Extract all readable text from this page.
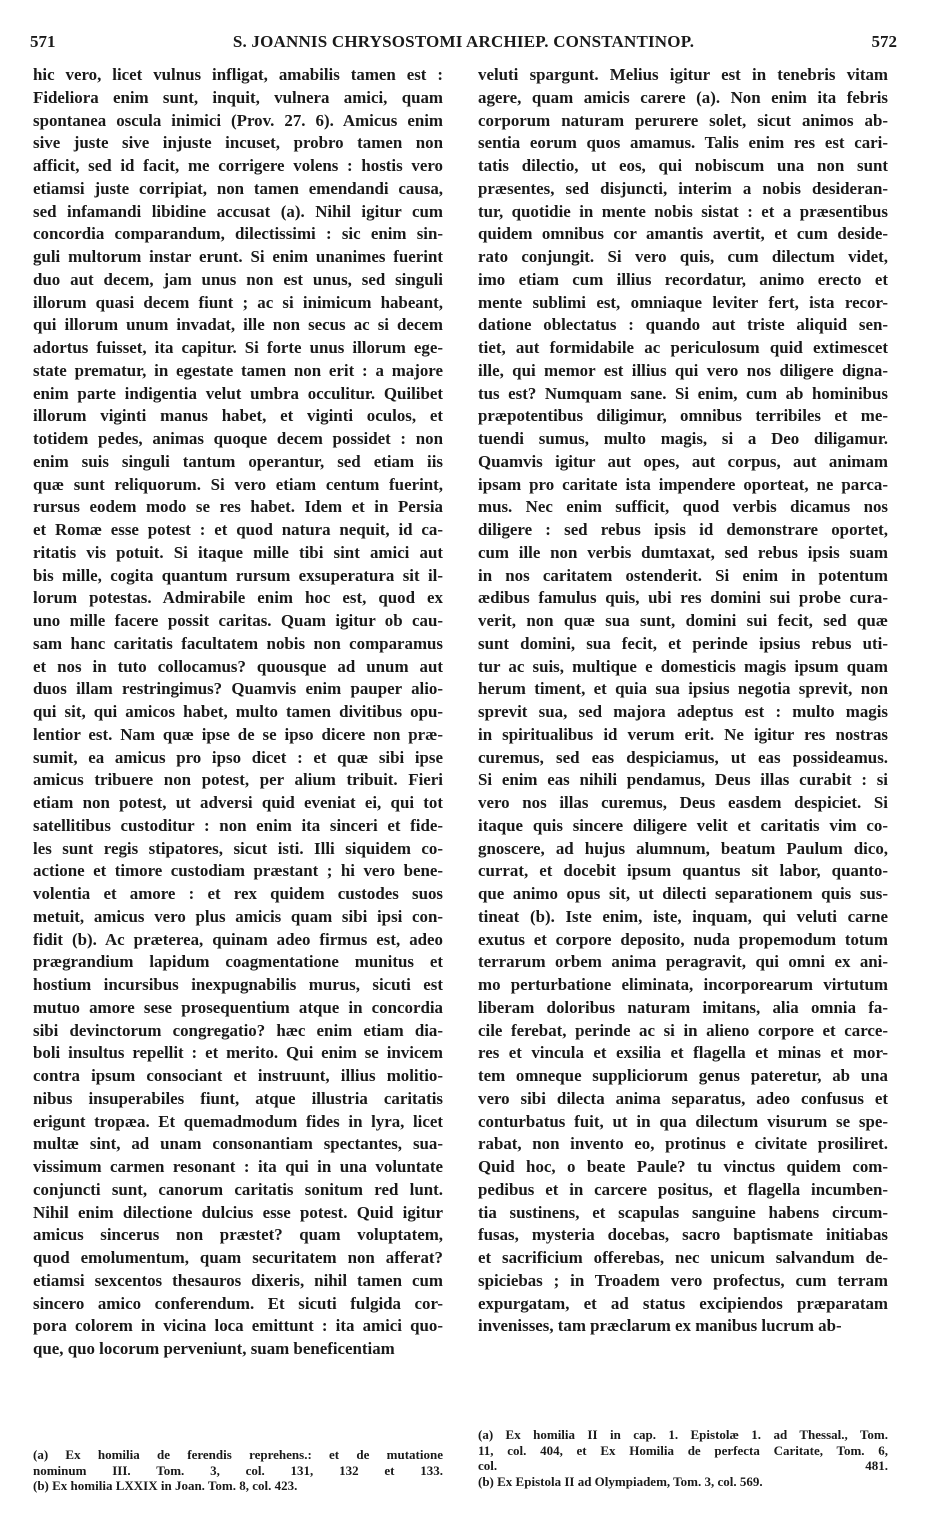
571	S. JOANNIS CHRYSOSTOMI ARCHIEP. CONSTANTINOP.	572
hic vero, licet vulnus infligat, amabilis tamen est :
Fideliora enim sunt, inquit, vulnera amici, quam
spontanea oscula inimici (Prov. 27. 6). Amicus enim
sive juste sive injuste incuset, probro tamen non
afficit, sed id facit, me corrigere volens : hostis vero
etiamsi juste corripiat, non tamen emendandi causa,
sed infamandi libidine accusat (a). Nihil igitur cum
concordia comparandum, dilectissimi : sic enim sin-
guli multorum instar erunt. Si enim unanimes fuerint
duo aut decem, jam unus non est unus, sed singuli
illorum quasi decem fiunt ; ac si inimicum habeant,
qui illorum unum invadat, ille non secus ac si decem
adortus fuisset, ita capitur. Si forte unus illorum ege-
state prematur, in egestate tamen non erit : a majore
enim parte indigentia velut umbra occulitur. Quilibet
illorum viginti manus habet, et viginti oculos, et
totidem pedes, animas quoque decem possidet : non
enim suis singuli tantum operantur, sed etiam iis
quæ sunt reliquorum. Si vero etiam centum fuerint,
rursus eodem modo se res habet. Idem et in Persia
et Romæ esse potest : et quod natura nequit, id ca-
ritatis vis potuit. Si itaque mille tibi sint amici aut
bis mille, cogita quantum rursum exsuperatura sit il-
lorum potestas. Admirabile enim hoc est, quod ex
uno mille facere possit caritas. Quam igitur ob cau-
sam hanc caritatis facultatem nobis non comparamus
et nos in tuto collocamus? quousque ad unum aut
duos illam restringimus? Quamvis enim pauper alio-
qui sit, qui amicos habet, multo tamen divitibus opu-
lentior est. Nam quæ ipse de se ipso dicere non præ-
sumit, ea amicus pro ipso dicet : et quæ sibi ipse
amicus tribuere non potest, per alium tribuit. Fieri
etiam non potest, ut adversi quid eveniat ei, qui tot
satellitibus custoditur : non enim ita sinceri et fide-
les sunt regis stipatores, sicut isti. Illi siquidem co-
actione et timore custodiam præstant ; hi vero bene-
volentia et amore : et rex quidem custodes suos
metuit, amicus vero plus amicis quam sibi ipsi con-
fidit (b). Ac præterea, quinam adeo firmus est, adeo
prægrandium lapidum coagmentatione munitus et
hostium incursibus inexpugnabilis murus, sicuti est
mutuo amore sese prosequentium atque in concordia
sibi devinctorum congregatio? hæc enim etiam dia-
boli insultus repellit : et merito. Qui enim se invicem
contra ipsum consociant et instruunt, illius molitio-
nibus insuperabiles fiunt, atque illustria caritatis
erigunt tropæa. Et quemadmodum fides in lyra, licet
multæ sint, ad unam consonantiam spectantes, sua-
vissimum carmen resonant : ita qui in una voluntate
conjuncti sunt, canorum caritatis sonitum red lunt.
Nihil enim dilectione dulcius esse potest. Quid igitur
amicus sincerus non præstet? quam voluptatem,
quod emolumentum, quam securitatem non afferat?
etiamsi sexcentos thesauros dixeris, nihil tamen cum
sincero amico conferendum. Et sicuti fulgida cor-
pora colorem in vicina loca emittunt : ita amici quo-
que, quo locorum perveniunt, suam beneficentiam
veluti spargunt. Melius igitur est in tenebris vitam
agere, quam amicis carere (a). Non enim ita febris
corporum naturam perurere solet, sicut animos ab-
sentia eorum quos amamus. Talis enim res est cari-
tatis dilectio, ut eos, qui nobiscum una non sunt
præsentes, sed disjuncti, interim a nobis desideran-
tur, quotidie in mente nobis sistat : et a præsentibus
quidem omnibus cor amantis avertit, et cum deside-
rato conjungit. Si vero quis, cum dilectum videt,
imo etiam cum illius recordatur, animo erecto et
mente sublimi est, omniaque leviter fert, ista recor-
datione oblectatus : quando aut triste aliquid sen-
tiet, aut formidabile ac periculosum quid extimescet
ille, qui memor est illius qui vero nos diligere digna-
tus est? Numquam sane. Si enim, cum ab hominibus
præpotentibus diligimur, omnibus terribiles et me-
tuendi sumus, multo magis, si a Deo diligamur.
Quamvis igitur aut opes, aut corpus, aut animam
ipsam pro caritate ista impendere oporteat, ne parca-
mus. Nec enim sufficit, quod verbis dicamus nos
diligere : sed rebus ipsis id demonstrare oportet,
cum ille non verbis dumtaxat, sed rebus ipsis suam
in nos caritatem ostenderit. Si enim in potentum
ædibus famulus quis, ubi res domini sui probe cura-
verit, non quæ sua sunt, domini sui fecit, sed quæ
sunt domini, sua fecit, et perinde ipsius rebus uti-
tur ac suis, multique e domesticis magis ipsum quam
herum timent, et quia sua ipsius negotia sprevit, non
sprevit sua, sed majora adeptus est : multo magis
in spiritualibus id verum erit. Ne igitur res nostras
curemus, sed eas despiciamus, ut eas possideamus.
Si enim eas nihili pendamus, Deus illas curabit : si
vero nos illas curemus, Deus easdem despiciet. Si
itaque quis sincere diligere velit et caritatis vim co-
gnoscere, ad hujus alumnum, beatum Paulum dico,
currat, et docebit ipsum quantus sit labor, quanto-
que animo opus sit, ut dilecti separationem quis sus-
tineat (b). Iste enim, iste, inquam, qui veluti carne
exutus et corpore deposito, nuda propemodum totum
terrarum orbem anima peragravit, qui omni ex ani-
mo perturbatione eliminata, incorporearum virtutum
liberam doloribus naturam imitans, alia omnia fa-
cile ferebat, perinde ac si in alieno corpore et carce-
res et vincula et exsilia et flagella et minas et mor-
tem omneque suppliciorum genus pateretur, ab una
vero sibi dilecta anima separatus, adeo confusus et
conturbatus fuit, ut in qua dilectum visurum se spe-
rabat, non invento eo, protinus e civitate prosiliret.
Quid hoc, o beate Paule? tu vinctus quidem com-
pedibus et in carcere positus, et flagella incumben-
tia sustinens, et scapulas sanguine habens circum-
fusas, mysteria docebas, sacro baptismate initiabas
et sacrificium offerebas, nec unicum salvandum de-
spiciebas ; in Troadem vero profectus, cum terram
expurgatam, et ad status excipiendos præparatam
invenisses, tam præclarum ex manibus lucrum ab-
(a) Ex homilia de ferendis reprehens.: et de mutatione
nominum III. Tom. 3, col. 131, 132 et 133.
(b) Ex homilia LXXIX in Joan. Tom. 8, col. 423.
(a) Ex homilia II in cap. 1. Epistolæ 1. ad Thessal., Tom.
11, col. 404, et Ex Homilia de perfecta Caritate, Tom. 6,
col. 481.
(b) Ex Epistola II ad Olympiadem, Tom. 3, col. 569.
